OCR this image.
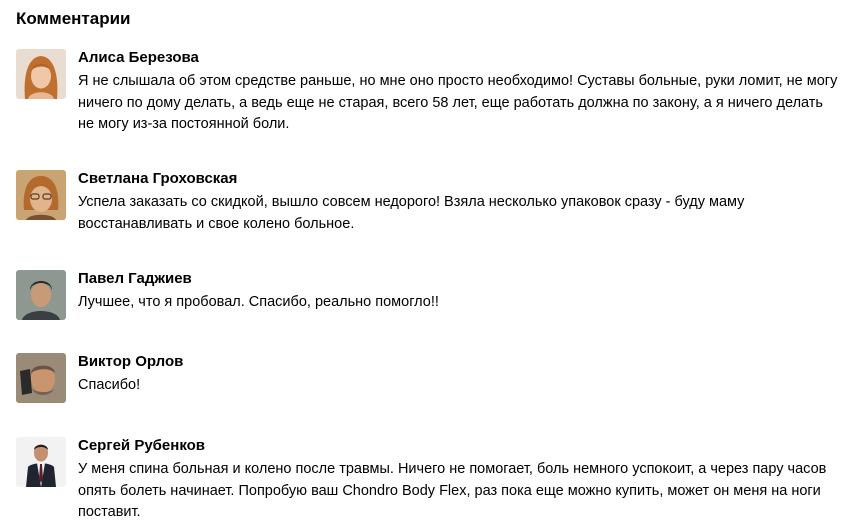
Комментарии
Алиса Березова

Я не слышала об этом средстве раньше, но мне оно просто необходимо! Суставы больные, руки ломит, не могу ничего по дому делать, а ведь еще не старая, всего 58 лет, еще работать должна по закону, а я ничего делать не могу из-за постоянной боли.

Светлана Гроховская

Успела заказать со скидкой, вышло совсем недорого! Взяла несколько упаковок сразу - буду маму восстанавливать и свое колено больное.

Павел Гаджиев

Лучшее, что я пробовал. Спасибо, реально помогло!!

Виктор Орлов

Спасибо!

Сергей Рубенков

У меня спина больная и колено после травмы. Ничего не помогает, боль немного успокоит, а через пару часов опять болеть начинает. Попробую ваш Chondro Body Flex, раз пока еще можно купить, может он меня на ноги поставит.
